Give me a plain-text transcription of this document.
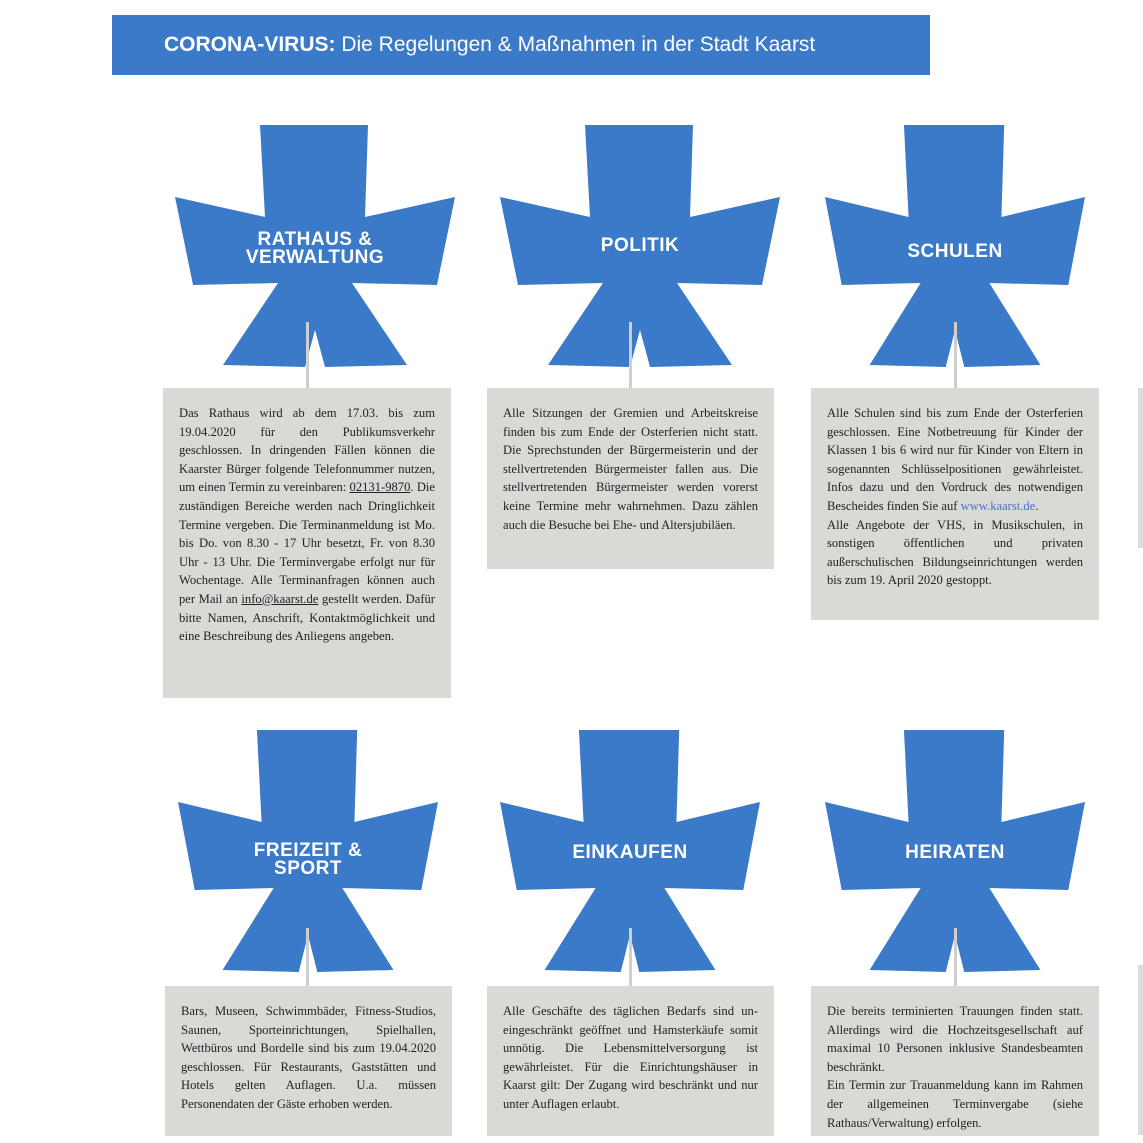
CORONA-VIRUS: Die Regelungen & Maßnahmen in der Stadt Kaarst
RATHAUS &
VERWALTUNG

Das Rathaus wird ab dem 17.03. bis zum 19.04.2020 für den Publikumsverkehr geschlossen. In dringenden Fällen können die Kaarster Bürger folgende Telefonnummer nutzen, um einen Termin zu vereinbaren: 02131-9870. Die zuständigen Bereiche werden nach Dringlichkeit Termine vergeben. Die Terminanmeldung ist Mo. bis Do. von 8.30 - 17 Uhr besetzt, Fr. von 8.30 Uhr - 13 Uhr. Die Terminvergabe erfolgt nur für Wochentage. Alle Terminanfragen können auch per Mail an info@kaarst.de gestellt werden. Dafür bitte Namen, Anschrift, Kontaktmöglichkeit und eine Beschreibung des Anliegens angeben.

POLITIK

Alle Sitzungen der Gremien und Arbeitskreise finden bis zum Ende der Osterferien nicht statt. Die Sprechstunden der Bürgermeisterin und der stellvertretenden Bürgermeister fallen aus. Die stellvertretenden Bürgermeister werden vorerst keine Termine mehr wahrnehmen. Dazu zählen auch die Besuche bei Ehe- und Altersjubiläen.

SCHULEN

Alle Schulen sind bis zum Ende der Osterferien geschlossen. Eine Notbetreuung für Kinder der Klassen 1 bis 6 wird nur für Kinder von Eltern in sogenannten Schlüsselpositionen gewährleistet. Infos dazu und den Vordruck des notwendigen Bescheides finden Sie auf www.kaarst.de.

Alle Angebote der VHS, in Musikschulen, in sonstigen öffentlichen und privaten außerschulischen Bildungseinrichtungen werden bis zum 19. April 2020 gestoppt.

FREIZEIT &
SPORT

Bars, Museen, Schwimmbäder, Fitness-Studios, Saunen, Sporteinrichtungen, Spielhallen, Wettbüros und Bordelle sind bis zum 19.04.2020 geschlossen. Für Restaurants, Gaststätten und Hotels gelten Auflagen. U.a. müssen Personendaten der Gäste erhoben werden.

EINKAUFEN

Alle Geschäfte des täglichen Bedarfs sind uneingeschränkt geöffnet und Hamsterkäufe somit unnötig. Die Lebensmittelversorgung ist gewährleistet. Für die Einrichtungshäuser in Kaarst gilt: Der Zugang wird beschränkt und nur unter Auflagen erlaubt.

HEIRATEN

Die bereits terminierten Trauungen finden statt. Allerdings wird die Hochzeitsgesellschaft auf maximal 10 Personen inklusive Standesbeamten beschränkt.

Ein Termin zur Trauanmeldung kann im Rahmen der allgemeinen Terminvergabe (siehe Rathaus/Verwaltung) erfolgen.
